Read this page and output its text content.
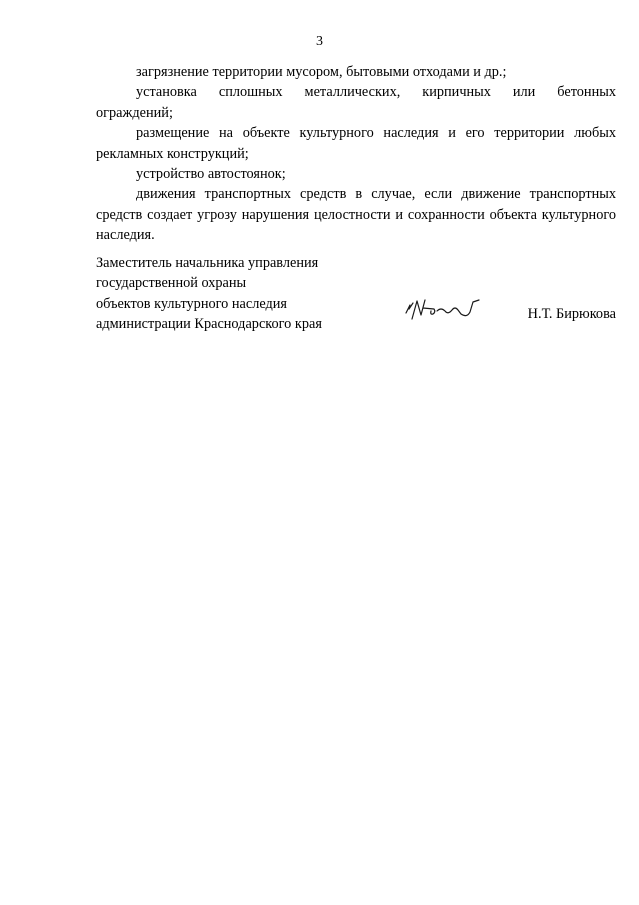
3

загрязнение территории мусором, бытовыми отходами и др.;

установка сплошных металлических, кирпичных или бетонных ограждений;

размещение на объекте культурного наследия и его территории любых рекламных конструкций;

устройство автостоянок;

движения транспортных средств в случае, если движение транспортных средств создает угрозу нарушения целостности и сохранности объекта культурного наследия.

Заместитель начальника управления
государственной охраны
объектов культурного наследия
администрации Краснодарского края
Н.Т. Бирюкова
